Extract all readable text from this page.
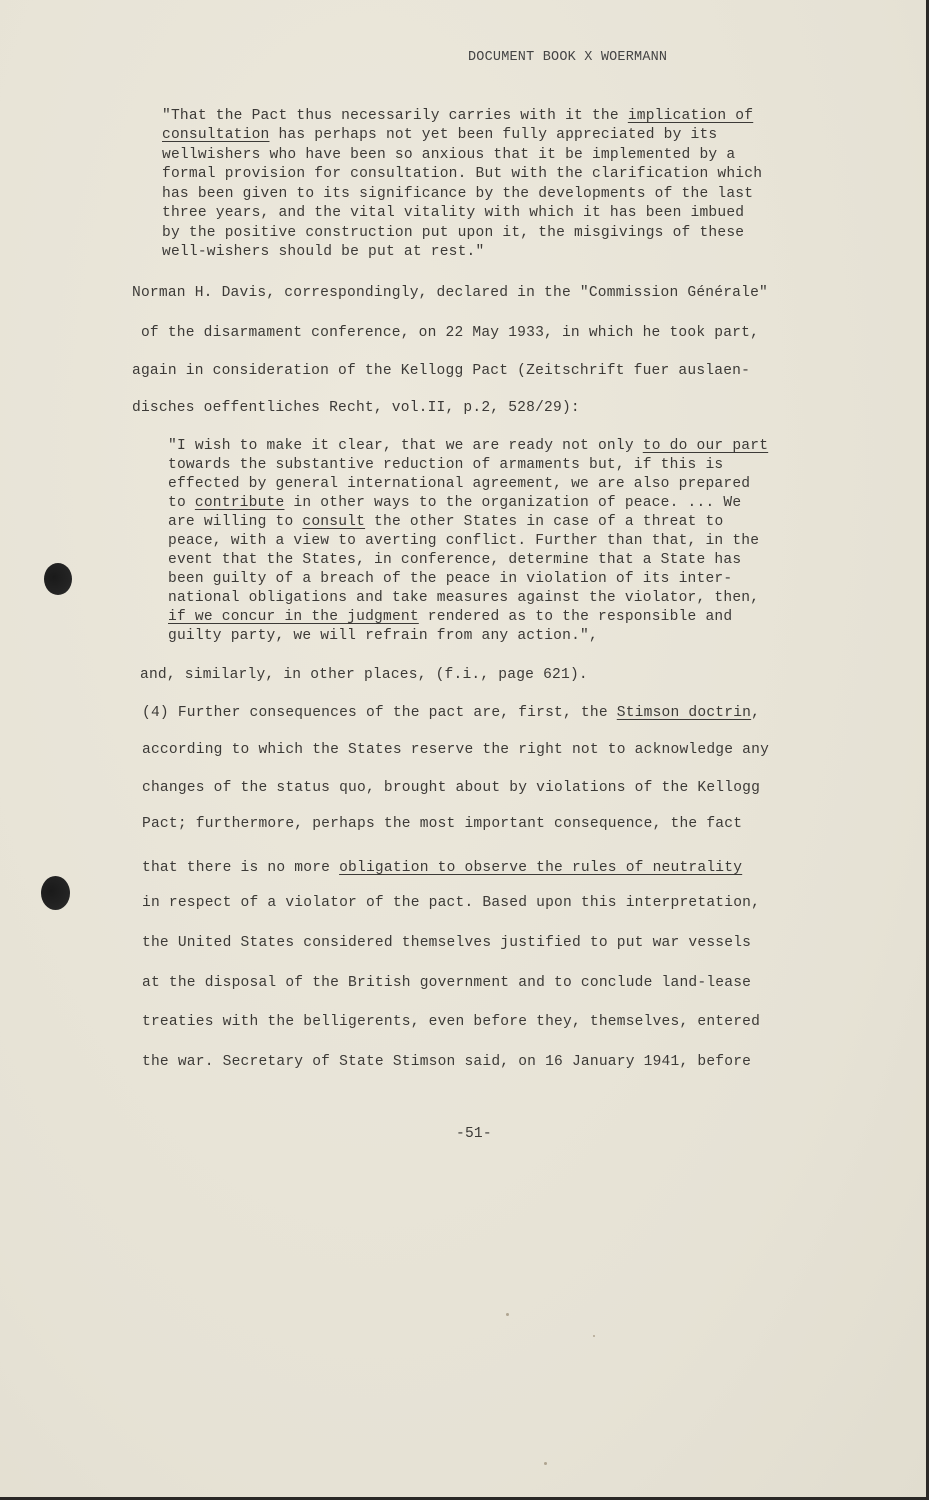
DOCUMENT BOOK X WOERMANN
"That the Pact thus necessarily carries with it the implication of
consultation has perhaps not yet been fully appreciated by its
wellwishers who have been so anxious that it be implemented by a
formal provision for consultation. But with the clarification which
has been given to its significance by the developments of the last
three years, and the vital vitality with which it has been imbued
by the positive construction put upon it, the misgivings of these
well-wishers should be put at rest."
Norman H. Davis, correspondingly, declared in the "Commission Générale"
of the disarmament conference, on 22 May 1933, in which he took part,
again in consideration of the Kellogg Pact (Zeitschrift fuer auslaen-
disches oeffentliches Recht, vol.II, p.2, 528/29):
"I wish to make it clear, that we are ready not only to do our part
towards the substantive reduction of armaments but, if this is
effected by general international agreement, we are also prepared
to contribute in other ways to the organization of peace. ... We
are willing to consult the other States in case of a threat to
peace, with a view to averting conflict. Further than that, in the
event that the States, in conference, determine that a State has
been guilty of a breach of the peace in violation of its inter-
national obligations and take measures against the violator, then,
if we concur in the judgment rendered as to the responsible and
guilty party, we will refrain from any action.",
and, similarly, in other places, (f.i., page 621).
(4) Further consequences of the pact are, first, the Stimson doctrin,
according to which the States reserve the right not to acknowledge any
changes of the status quo, brought about by violations of the Kellogg
Pact; furthermore, perhaps the most important consequence, the fact
that there is no more obligation to observe the rules of neutrality
in respect of a violator of the pact. Based upon this interpretation,
the United States considered themselves justified to put war vessels
at the disposal of the British government and to conclude land-lease
treaties with the belligerents, even before they, themselves, entered
the war. Secretary of State Stimson said, on 16 January 1941, before
-51-
